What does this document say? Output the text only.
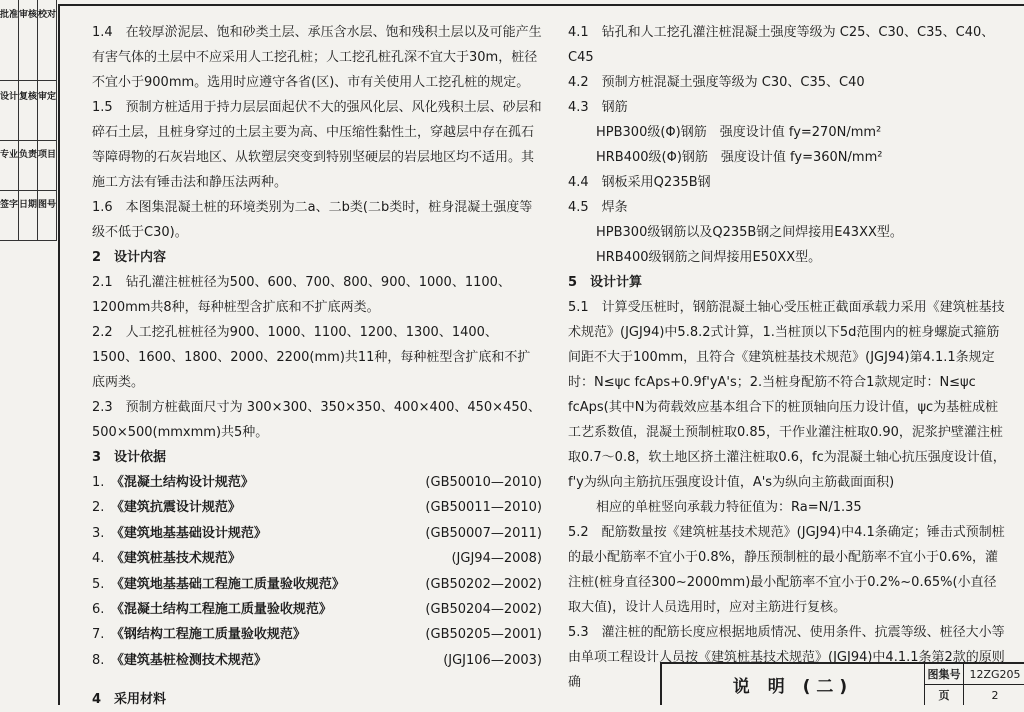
批准 审核 校对
设计 复核 审定
专业 负责 项目
签字 日期 图号

1.4　在较厚淤泥层、饱和砂类土层、承压含水层、饱和残积土层以及可能产生有害气体的土层中不应采用人工挖孔桩；人工挖孔桩孔深不宜大于30m，桩径不宜小于900mm。选用时应遵守各省(区)、市有关使用人工挖孔桩的规定。

1.5　预制方桩适用于持力层层面起伏不大的强风化层、风化残积土层、砂层和碎石土层，且桩身穿过的土层主要为高、中压缩性黏性土，穿越层中存在孤石等障碍物的石灰岩地区、从软塑层突变到特别坚硬层的岩层地区均不适用。其施工方法有锤击法和静压法两种。

1.6　本图集混凝土桩的环境类别为二a、二b类(二b类时，桩身混凝土强度等级不低于C30)。

2　设计内容

2.1　钻孔灌注桩桩径为500、600、700、800、900、1000、1100、1200mm共8种，每种桩型含扩底和不扩底两类。

2.2　人工挖孔桩桩径为900、1000、1100、1200、1300、1400、1500、1600、1800、2000、2200(mm)共11种，每种桩型含扩底和不扩底两类。

2.3　预制方桩截面尺寸为 300×300、350×350、400×400、450×450、500×500(mmxmm)共5种。

3　设计依据

1.　 《混凝土结构设计规范》	(GB50010—2010)
2.　 《建筑抗震设计规范》	(GB50011—2010)
3.　 《建筑地基基础设计规范》	(GB50007—2011)
4.　 《建筑桩基技术规范》	(JGJ94—2008)
5.　 《建筑地基基础工程施工质量验收规范》	(GB50202—2002)
6.　 《混凝土结构工程施工质量验收规范》	(GB50204—2002)
7.　 《钢结构工程施工质量验收规范》	(GB50205—2001)
8.　 《建筑基桩检测技术规范》	(JGJ106—2003)

4　采用材料

4.1　钻孔和人工挖孔灌注桩混凝土强度等级为 C25、C30、C35、C40、C45

4.2　预制方桩混凝土强度等级为 C30、C35、C40

4.3　钢筋

HPB300级(Φ)钢筋　强度设计值 fy=270N/mm²

HRB400级(Φ)钢筋　强度设计值 fy=360N/mm²

4.4　钢板采用Q235B钢

4.5　焊条

HPB300级钢筋以及Q235B钢之间焊接用E43XX型。

HRB400级钢筋之间焊接用E50XX型。

5　设计计算

5.1　计算受压桩时，钢筋混凝土轴心受压桩正截面承载力采用《建筑桩基技术规范》(JGJ94)中5.8.2式计算，1.当桩顶以下5d范围内的桩身螺旋式箍筋间距不大于100mm，且符合《建筑桩基技术规范》(JGJ94)第4.1.1条规定时：N≤ψc fcAps+0.9f'yA's；2.当桩身配筋不符合1款规定时：N≤ψc fcAps(其中N为荷载效应基本组合下的桩顶轴向压力设计值，ψc为基桩成桩工艺系数值，混凝土预制桩取0.85，干作业灌注桩取0.90，泥浆护壁灌注桩取0.7～0.8，软土地区挤土灌注桩取0.6，fc为混凝土轴心抗压强度设计值，f'y为纵向主筋抗压强度设计值，A's为纵向主筋截面面积)

相应的单桩竖向承载力特征值为：Ra=N/1.35

5.2　配筋数量按《建筑桩基技术规范》(JGJ94)中4.1条确定；锤击式预制桩的最小配筋率不宜小于0.8%，静压预制桩的最小配筋率不宜小于0.6%，灌注桩(桩身直径300~2000mm)最小配筋率不宜小于0.2%~0.65%(小直径取大值)，设计人员选用时，应对主筋进行复核。

5.3　灌注桩的配筋长度应根据地质情况、使用条件、抗震等级、桩径大小等由单项工程设计人员按《建筑桩基技术规范》(JGJ94)中4.1.1条第2款的原则确	说 明 (二)
图集号 12ZG205
页	2
